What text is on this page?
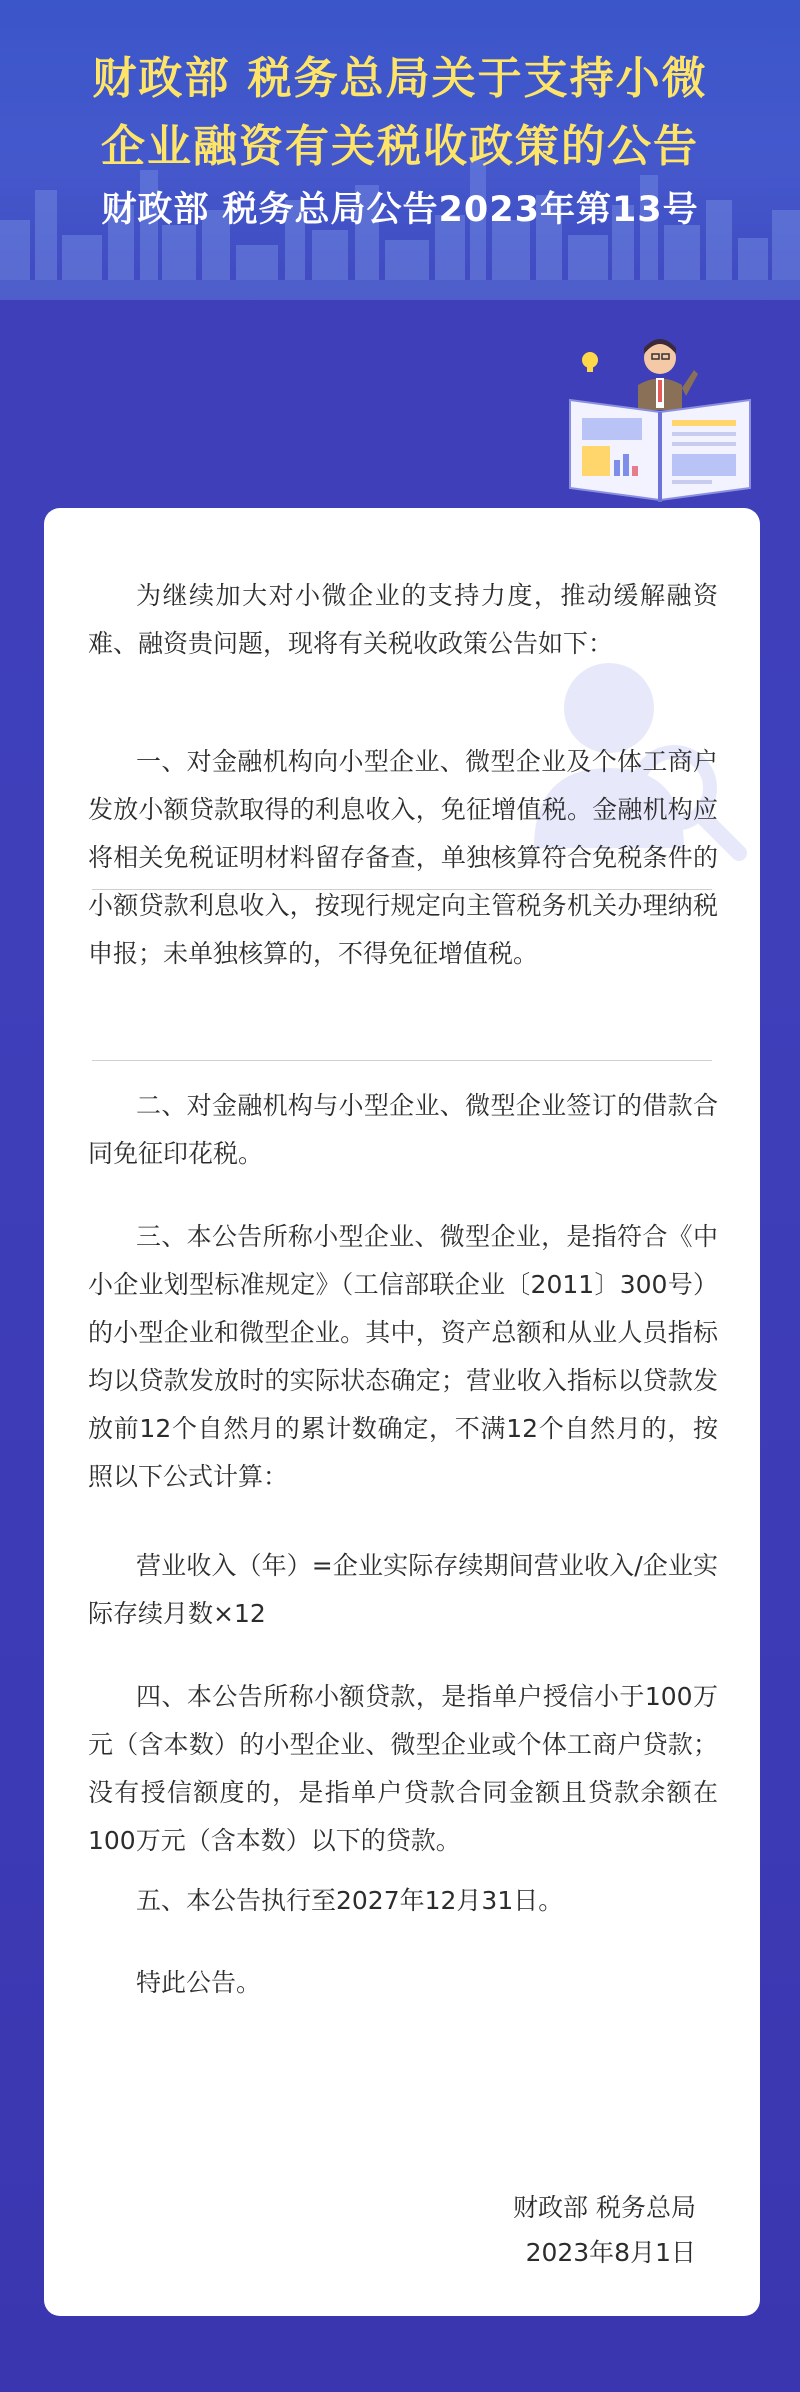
财政部 税务总局关于支持小微
企业融资有关税收政策的公告
财政部 税务总局公告2023年第13号
为继续加大对小微企业的支持力度，推动缓解融资难、融资贵问题，现将有关税收政策公告如下：
一、对金融机构向小型企业、微型企业及个体工商户发放小额贷款取得的利息收入，免征增值税。金融机构应将相关免税证明材料留存备查，单独核算符合免税条件的小额贷款利息收入，按现行规定向主管税务机关办理纳税申报；未单独核算的，不得免征增值税。
二、对金融机构与小型企业、微型企业签订的借款合同免征印花税。
三、本公告所称小型企业、微型企业，是指符合《中小企业划型标准规定》（工信部联企业〔2011〕300号）的小型企业和微型企业。其中，资产总额和从业人员指标均以贷款发放时的实际状态确定；营业收入指标以贷款发放前12个自然月的累计数确定，不满12个自然月的，按照以下公式计算：
营业收入（年）=企业实际存续期间营业收入/企业实际存续月数×12
四、本公告所称小额贷款，是指单户授信小于100万元（含本数）的小型企业、微型企业或个体工商户贷款；没有授信额度的，是指单户贷款合同金额且贷款余额在100万元（含本数）以下的贷款。
五、本公告执行至2027年12月31日。
特此公告。
财政部 税务总局
2023年8月1日
